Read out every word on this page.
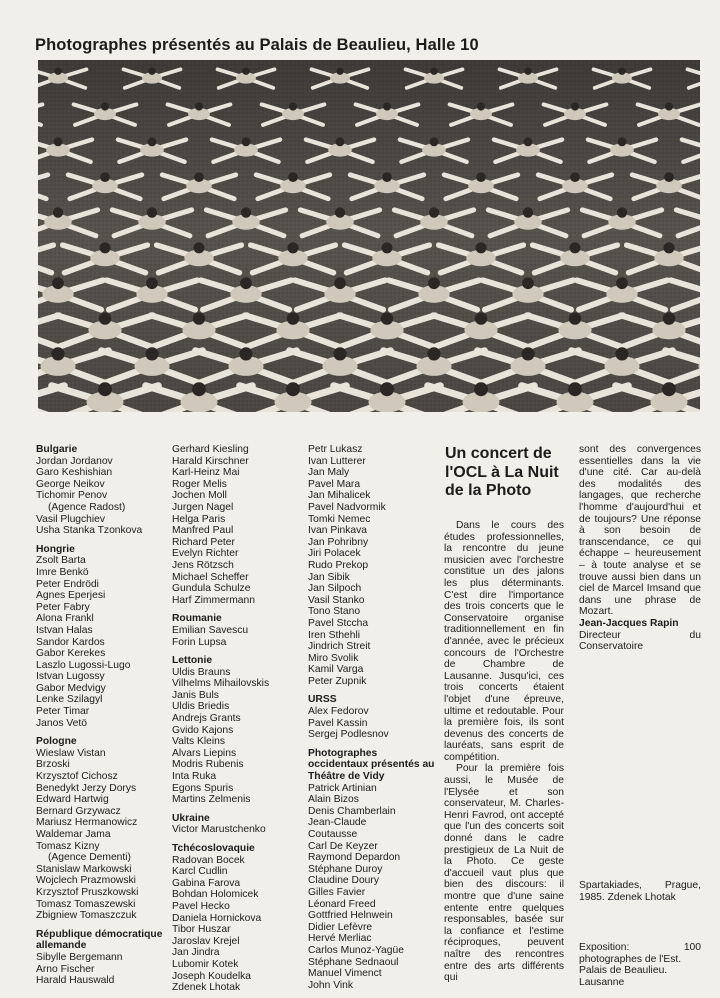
Photographes présentés au Palais de Beaulieu, Halle 10
Bulgarie
Jordan Jordanov
Garo Keshishian
George Neikov
Tichomir Penov
(Agence Radost)
Vasil Plugchiev
Usha Stanka Tzonkova
Hongrie
Zsolt Barta
Imre Benkö
Peter Endrödi
Agnes Eperjesi
Peter Fabry
Alona Frankl
Istvan Halas
Sandor Kardos
Gabor Kerekes
Laszlo Lugossi-Lugo
Istvan Lugossy
Gabor Medvigy
Lenke Szilagyl
Peter Timar
Janos Vetö
Pologne
Wieslaw Vistan
Brzoski
Krzysztof Cichosz
Benedykt Jerzy Dorys
Edward Hartwig
Bernard Grzywacz
Mariusz Hermanowicz
Waldemar Jama
Tomasz Kizny
(Agence Dementi)
Stanislaw Markowski
Wojclech Prazmowski
Krzysztof Pruszkowski
Tomasz Tomaszewski
Zbigniew Tomaszczuk
République démocratique allemande
Sibylle Bergemann
Arno Fischer
Harald Hauswald
Gerhard Kiesling
Harald Kirschner
Karl-Heinz Mai
Roger Melis
Jochen Moll
Jurgen Nagel
Helga Paris
Manfred Paul
Richard Peter
Evelyn Richter
Jens Rötzsch
Michael Scheffer
Gundula Schulze
Harf Zimmermann
Roumanie
Emilian Savescu
Forin Lupsa
Lettonie
Uldis Brauns
Vilhelms Mihailovskis
Janis Buls
Uldis Briedis
Andrejs Grants
Gvido Kajons
Valts Kleins
Alvars Liepins
Modris Rubenis
Inta Ruka
Egons Spuris
Martins Zelmenis
Ukraine
Victor Marustchenko
Tchécoslovaquie
Radovan Bocek
Karcl Cudlin
Gabina Farova
Bohdan Holomicek
Pavel Hecko
Daniela Hornickova
Tibor Huszar
Jaroslav Krejel
Jan Jindra
Lubomir Kotek
Joseph Koudelka
Zdenek Lhotak
Petr Lukasz
Ivan Lutterer
Jan Maly
Pavel Mara
Jan Mihalicek
Pavel Nadvormik
Tomki Nemec
Ivan Pinkava
Jan Pohribny
Jiri Polacek
Rudo Prekop
Jan Sibik
Jan Silpoch
Vasil Stanko
Tono Stano
Pavel Stccha
Iren Sthehli
Jindrich Streit
Miro Svolik
Kamil Varga
Peter Zupnik
URSS
Alex Fedorov
Pavel Kassin
Sergej Podlesnov
Photographes occidentaux présentés au Théâtre de Vidy
Patrick Artinian
Alain Bizos
Denis Chamberlain
Jean-Claude
Coutausse
Carl De Keyzer
Raymond Depardon
Stéphane Duroy
Claudine Doury
Gilles Favier
Léonard Freed
Gottfried Helnwein
Didier Lefèvre
Hervé Merliac
Carlos Munoz-Yagüe
Stéphane Sednaoul
Manuel Vimenct
John Vink
Un concert de l'OCL à La Nuit de la Photo
Dans le cours des études professionnelles, la rencontre du jeune musicien avec l'orchestre constitue un des jalons les plus déterminants. C'est dire l'importance des trois concerts que le Conservatoire organise traditionnellement en fin d'année, avec le précieux concours de l'Orchestre de Chambre de Lausanne. Jusqu'ici, ces trois concerts étaient l'objet d'une épreuve, ultime et redoutable. Pour la première fois, ils sont devenus des concerts de lauréats, sans esprit de compétition.
Pour la première fois aussi, le Musée de l'Elysée et son conservateur, M. Charles-Henri Favrod, ont accepté que l'un des concerts soit donné dans le cadre prestigieux de La Nuit de la Photo. Ce geste d'accueil vaut plus que bien des discours: il montre que d'une saine entente entre quelques responsables, basée sur la confiance et l'estime réciproques, peuvent naître des rencontres entre des arts différents qui
sont des convergences essentielles dans la vie d'une cité. Car au-delà des modalités des langages, que recherche l'homme d'aujourd'hui et de toujours? Une réponse à son besoin de transcendance, ce qui échappe – heureusement – à toute analyse et se trouve aussi bien dans un ciel de Marcel Imsand que dans une phrase de Mozart.
Jean-Jacques Rapin
Directeur du Conservatoire
Spartakiades, Prague, 1985. Zdenek Lhotak
Exposition:	100
photographes de l'Est. Palais de Beaulieu. Lausanne
